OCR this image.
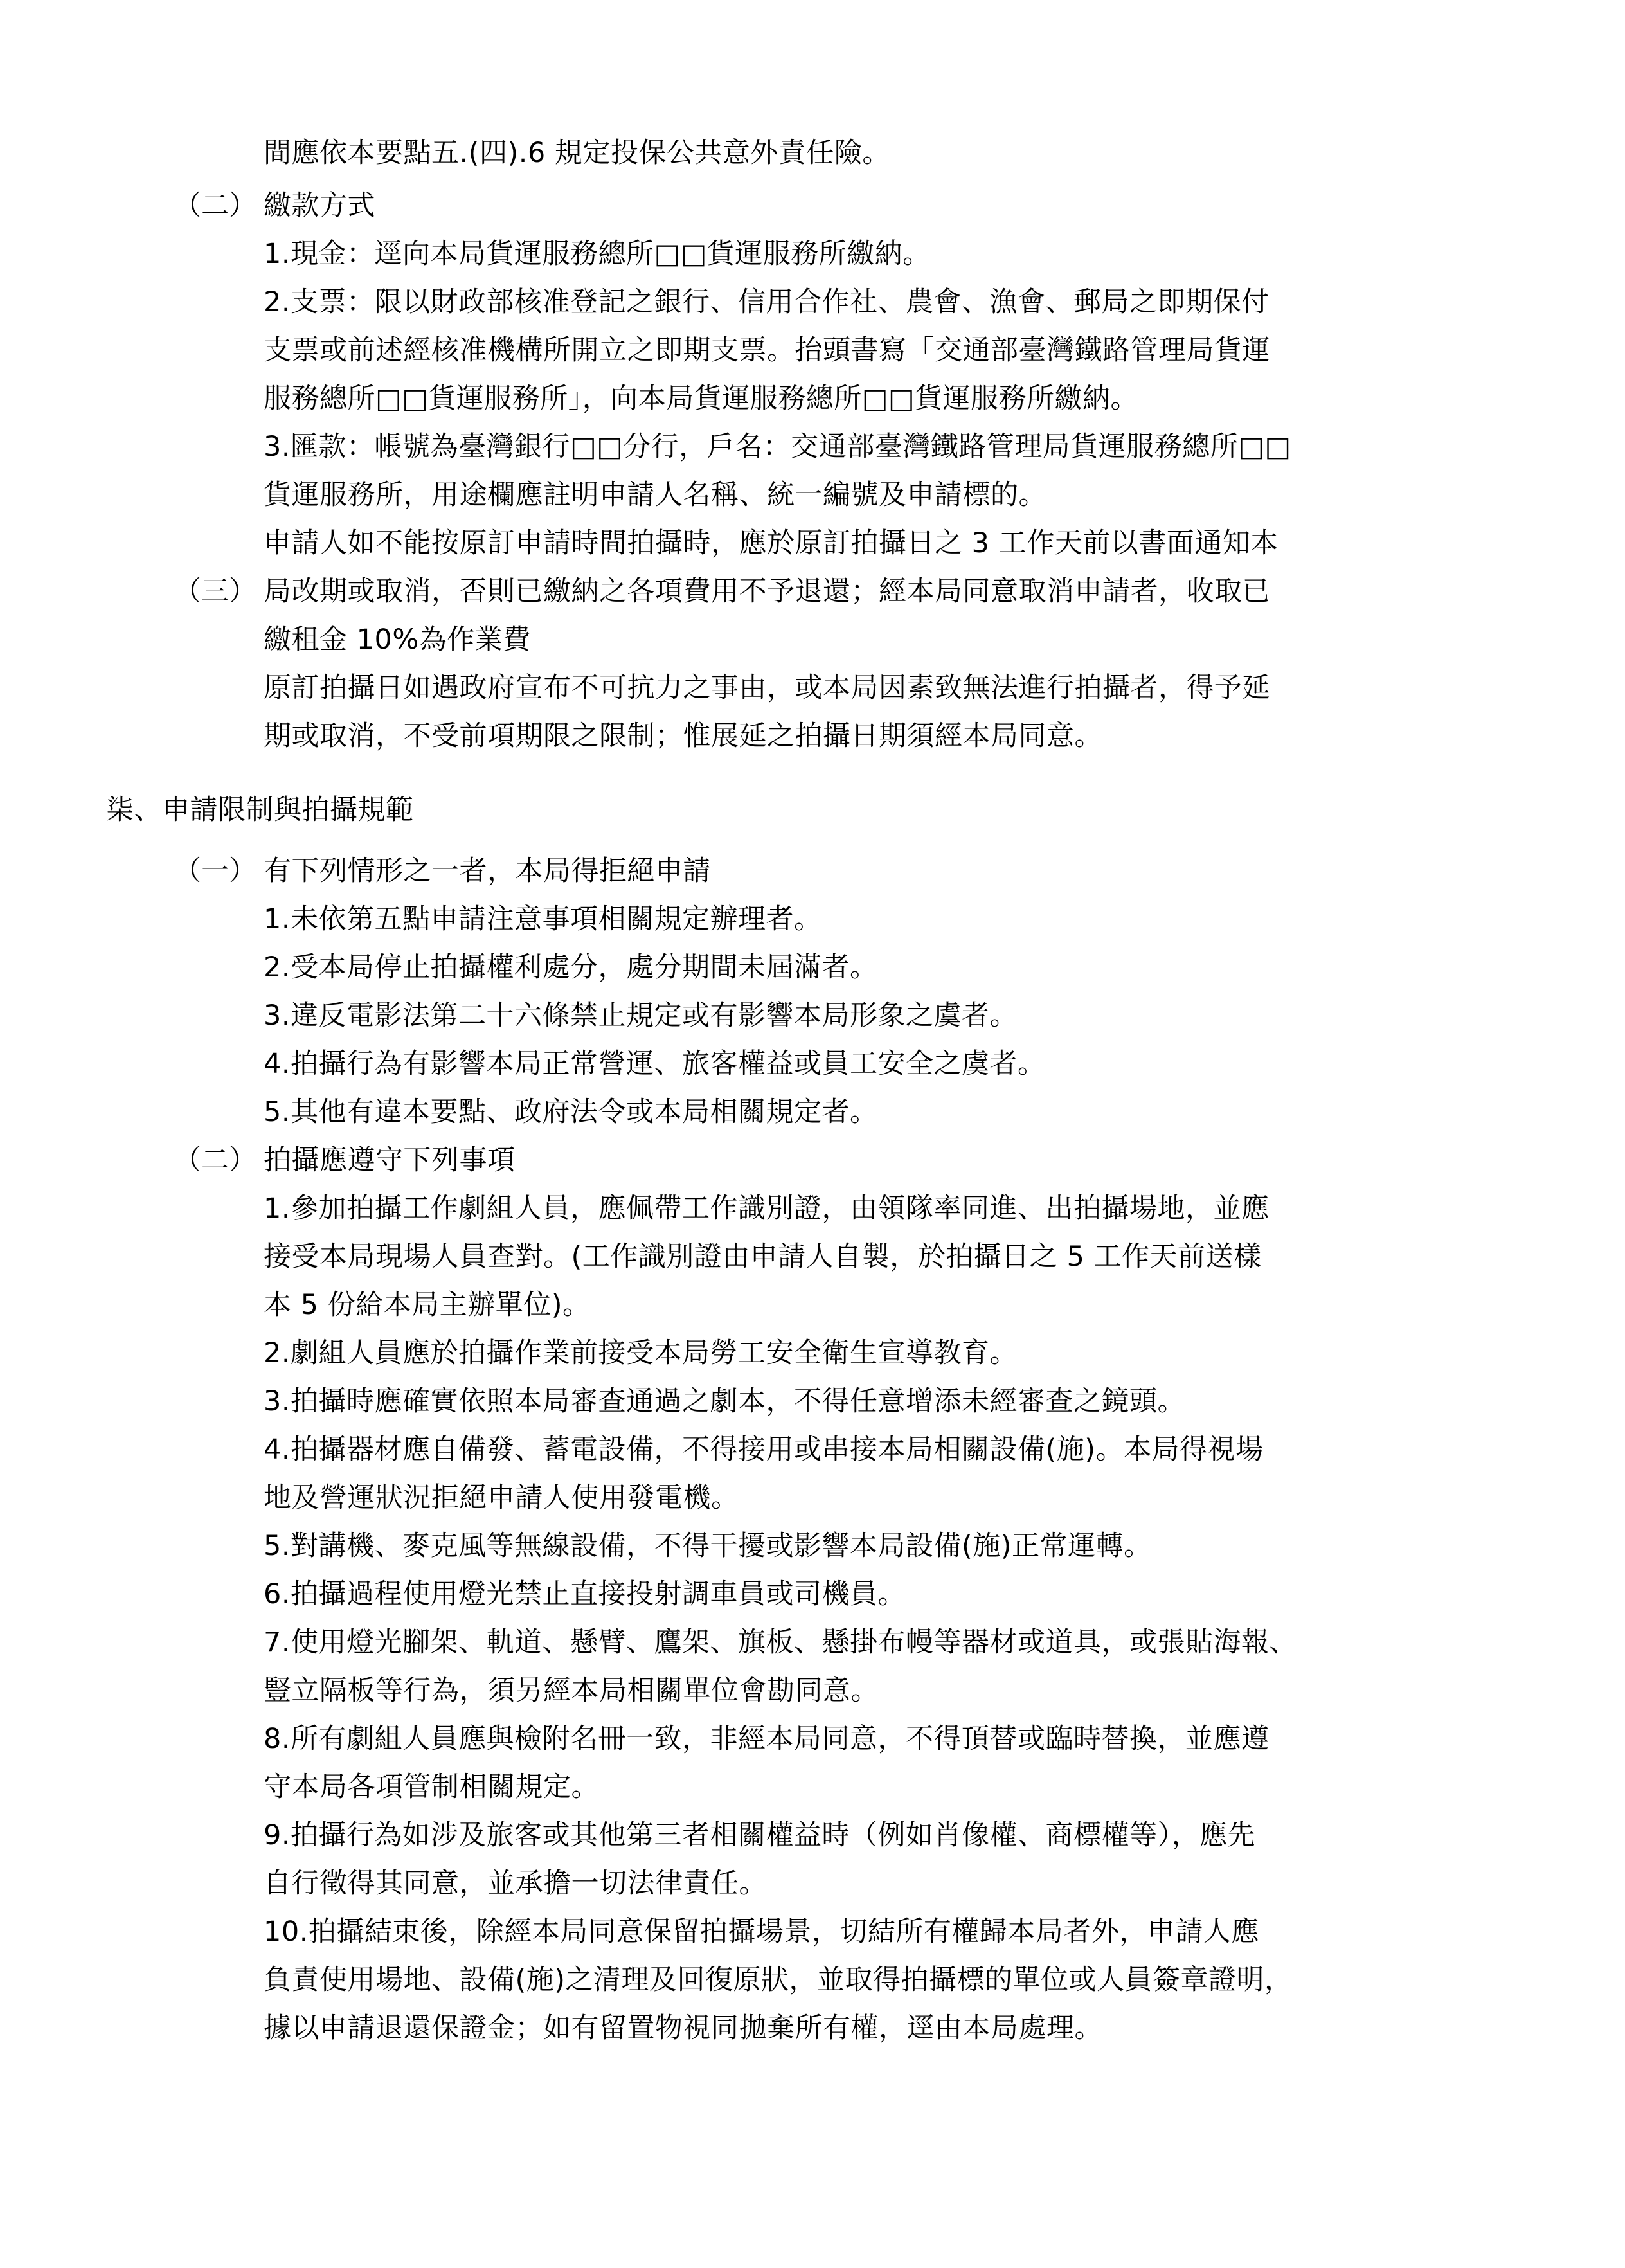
間應依本要點五.(四).6 規定投保公共意外責任險。
（二） 繳款方式
1.現金：逕向本局貨運服務總所□□貨運服務所繳納。
2.支票：限以財政部核准登記之銀行、信用合作社、農會、漁會、郵局之即期保付
支票或前述經核准機構所開立之即期支票。抬頭書寫「交通部臺灣鐵路管理局貨運
服務總所□□貨運服務所」，向本局貨運服務總所□□貨運服務所繳納。
3.匯款：帳號為臺灣銀行□□分行，戶名：交通部臺灣鐵路管理局貨運服務總所□□
貨運服務所，用途欄應註明申請人名稱、統一編號及申請標的。
申請人如不能按原訂申請時間拍攝時，應於原訂拍攝日之 3 工作天前以書面通知本
（三） 局改期或取消，否則已繳納之各項費用不予退還；經本局同意取消申請者，收取已
繳租金 10%為作業費
原訂拍攝日如遇政府宣布不可抗力之事由，或本局因素致無法進行拍攝者，得予延
期或取消，不受前項期限之限制；惟展延之拍攝日期須經本局同意。
柒、申請限制與拍攝規範
（一） 有下列情形之一者，本局得拒絕申請
1.未依第五點申請注意事項相關規定辦理者。
2.受本局停止拍攝權利處分，處分期間未屆滿者。
3.違反電影法第二十六條禁止規定或有影響本局形象之虞者。
4.拍攝行為有影響本局正常營運、旅客權益或員工安全之虞者。
5.其他有違本要點、政府法令或本局相關規定者。
（二） 拍攝應遵守下列事項
1.參加拍攝工作劇組人員，應佩帶工作識別證，由領隊率同進、出拍攝場地，並應
接受本局現場人員查對。(工作識別證由申請人自製，於拍攝日之 5 工作天前送樣
本 5 份給本局主辦單位)。
2.劇組人員應於拍攝作業前接受本局勞工安全衛生宣導教育。
3.拍攝時應確實依照本局審查通過之劇本，不得任意增添未經審查之鏡頭。
4.拍攝器材應自備發、蓄電設備，不得接用或串接本局相關設備(施)。本局得視場
地及營運狀況拒絕申請人使用發電機。
5.對講機、麥克風等無線設備，不得干擾或影響本局設備(施)正常運轉。
6.拍攝過程使用燈光禁止直接投射調車員或司機員。
7.使用燈光腳架、軌道、懸臂、鷹架、旗板、懸掛布幔等器材或道具，或張貼海報、
豎立隔板等行為，須另經本局相關單位會勘同意。
8.所有劇組人員應與檢附名冊一致，非經本局同意，不得頂替或臨時替換，並應遵
守本局各項管制相關規定。
9.拍攝行為如涉及旅客或其他第三者相關權益時（例如肖像權、商標權等），應先
自行徵得其同意，並承擔一切法律責任。
10.拍攝結束後，除經本局同意保留拍攝場景，切結所有權歸本局者外，申請人應
負責使用場地、設備(施)之清理及回復原狀，並取得拍攝標的單位或人員簽章證明，
據以申請退還保證金；如有留置物視同拋棄所有權，逕由本局處理。
